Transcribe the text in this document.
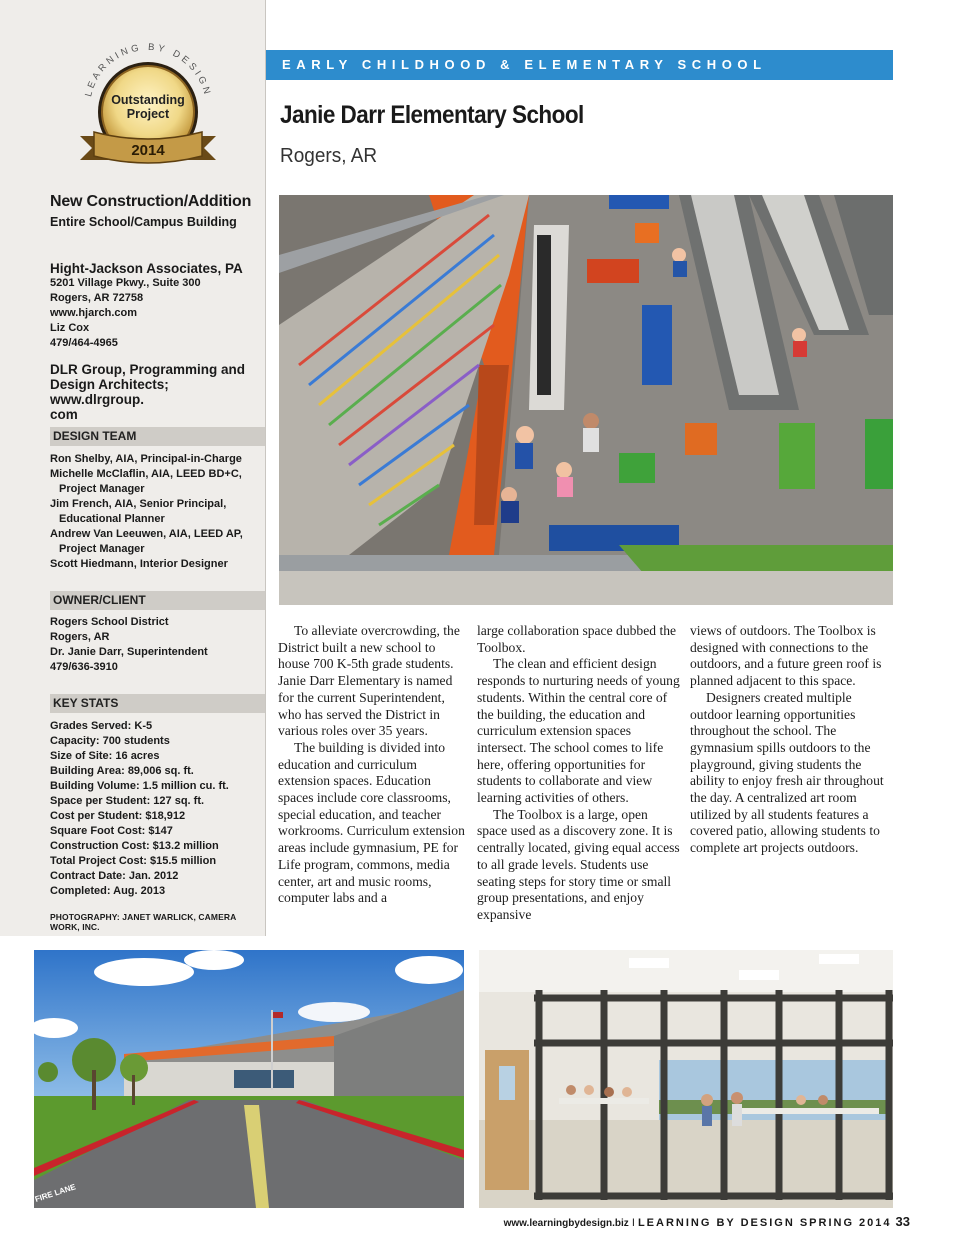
LEARNING BY DESIGN
Outstanding
Project
2014
New Construction/Addition
Entire School/Campus Building
Hight-Jackson Associates, PA
5201 Village Pkwy., Suite 300
Rogers, AR 72758
www.hjarch.com
Liz Cox
479/464-4965
DLR Group, Programming and
Design Architects; www.dlrgroup.
com
DESIGN TEAM
Ron Shelby, AIA, Principal-in-Charge
Michelle McClaflin, AIA, LEED BD+C,
Project Manager
Jim French, AIA, Senior Principal,
Educational Planner
Andrew Van Leeuwen, AIA, LEED AP,
Project Manager
Scott Hiedmann, Interior Designer
OWNER/CLIENT
Rogers School District
Rogers, AR
Dr. Janie Darr, Superintendent
479/636-3910
KEY STATS
Grades Served: K-5
Capacity: 700 students
Size of Site: 16 acres
Building Area: 89,006 sq. ft.
Building Volume: 1.5 million cu. ft.
Space per Student: 127 sq. ft.
Cost per Student: $18,912
Square Foot Cost: $147
Construction Cost: $13.2 million
Total Project Cost: $15.5 million
Contract Date: Jan. 2012
Completed: Aug. 2013
PHOTOGRAPHY: JANET WARLICK, CAMERA WORK, INC.
EARLY CHILDHOOD & ELEMENTARY SCHOOL
Janie Darr Elementary School
Rogers, AR

To alleviate overcrowding, the District built a new school to house 700 K-5th grade students. Janie Darr Elementary is named for the current Superintendent, who has served the District in various roles over 35 years.

The building is divided into education and curriculum extension spaces. Education spaces include core classrooms, special education, and teacher workrooms. Curriculum extension areas include gymnasium, PE for Life program, commons, media center, art and music rooms, computer labs and a

large collaboration space dubbed the Toolbox.

The clean and efficient design responds to nurturing needs of young students. Within the central core of the building, the education and curriculum extension spaces intersect. The school comes to life here, offering opportunities for students to collaborate and view learning activities of others.

The Toolbox is a large, open space used as a discovery zone. It is centrally located, giving equal access to all grade levels. Students use seating steps for story time or small group presentations, and enjoy expansive

views of outdoors. The Toolbox is designed with connections to the outdoors, and a future green roof is planned adjacent to this space.

Designers created multiple outdoor learning opportunities throughout the school. The gymnasium spills outdoors to the playground, giving students the ability to enjoy fresh air throughout the day. A centralized art room utilized by all students features a covered patio, allowing students to complete art projects outdoors.

FIRE LANE
www.learningbydesign.biz I LEARNING BY DESIGN SPRING 2014 33
